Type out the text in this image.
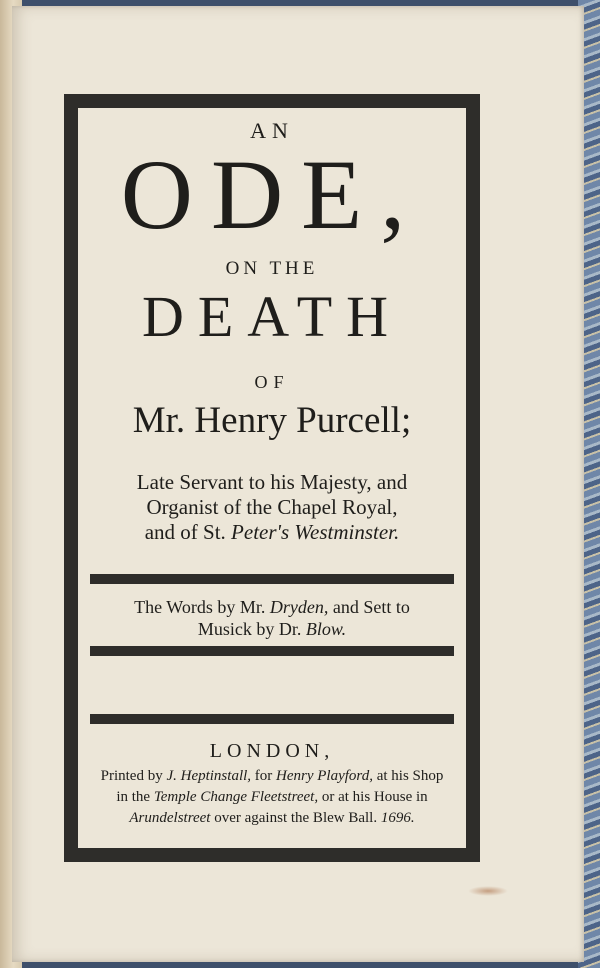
AN
ODE,
ON THE
DEATH
OF
Mr. Henry Purcell;
Late Servant to his Majesty, and
Organist of the Chapel Royal,
and of St. Peter's Westminster.
The Words by Mr. Dryden, and Sett to
Musick by Dr. Blow.
LONDON,
Printed by J. Heptinstall, for Henry Playford, at his Shop
in the Temple Change Fleetstreet, or at his House in
Arundelstreet over against the Blew Ball. 1696.
